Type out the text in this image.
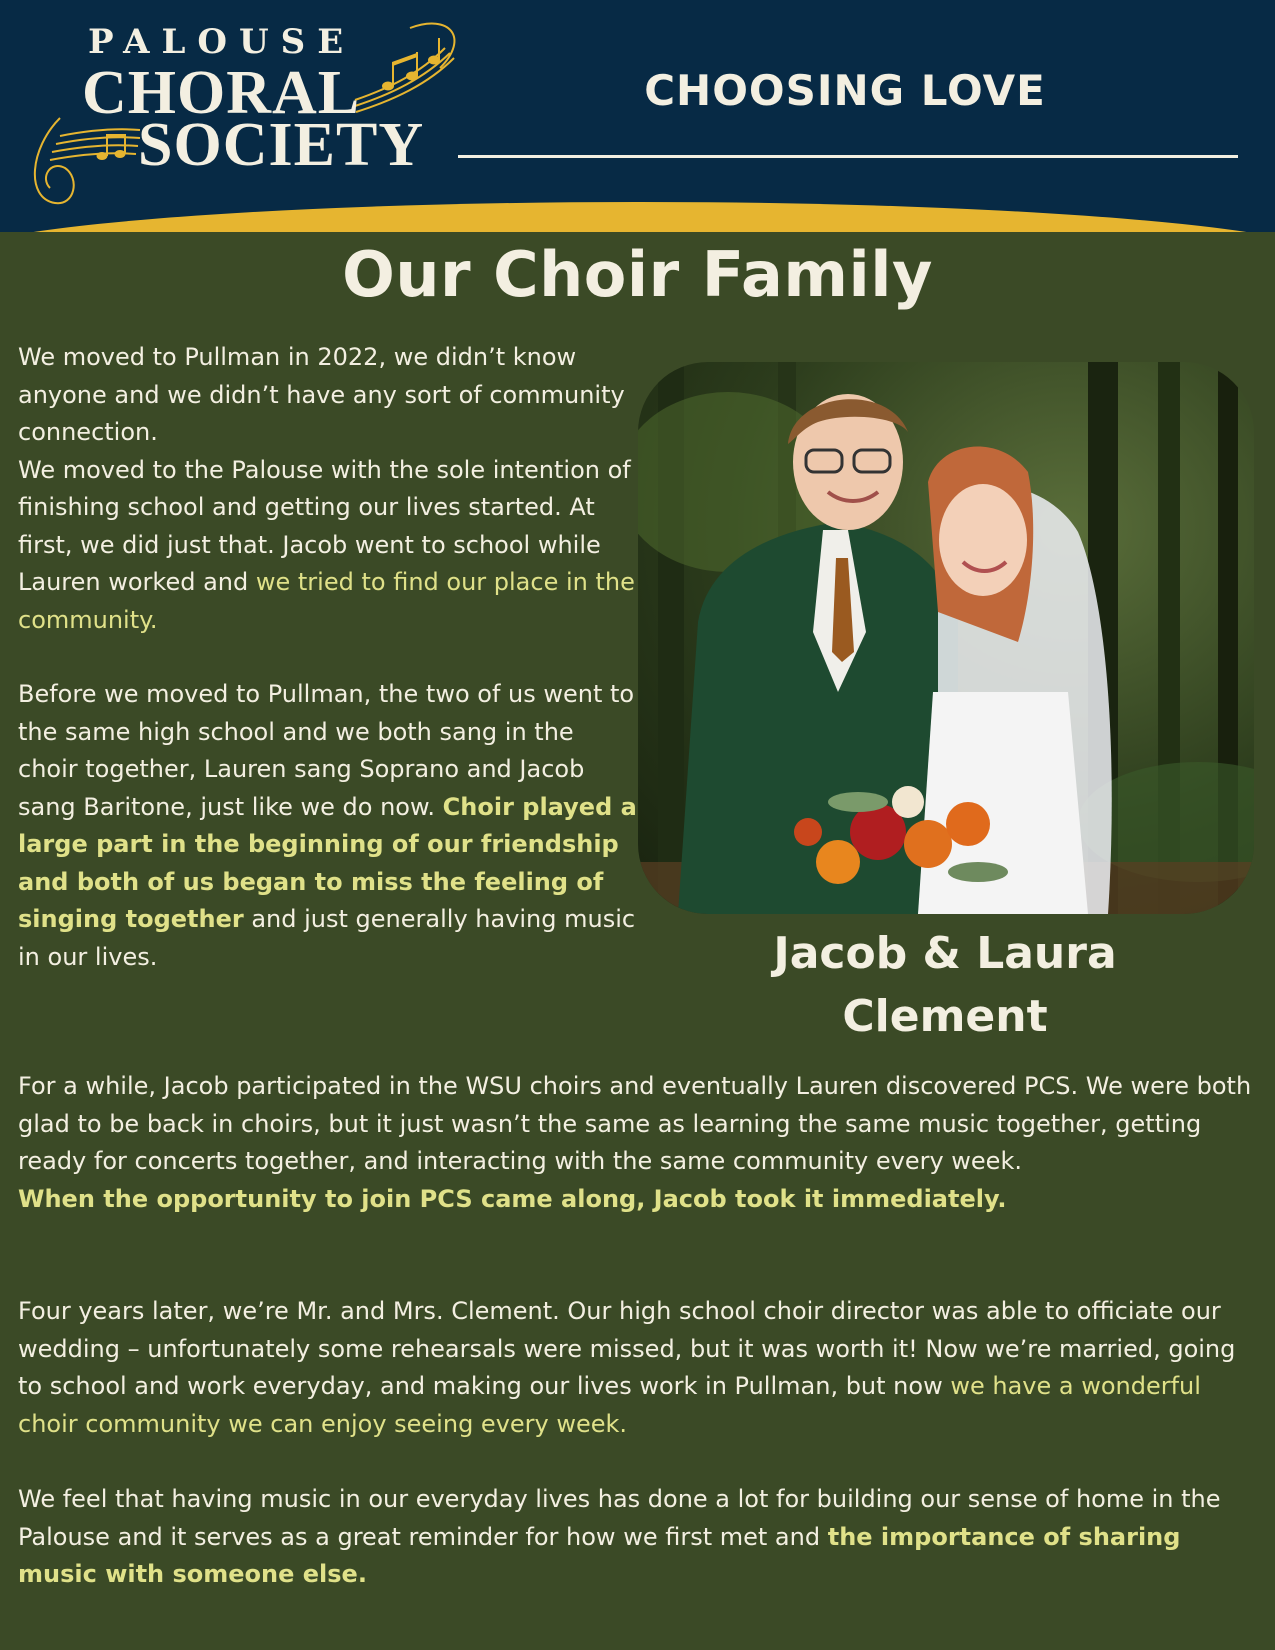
PALOUSE
CHORAL
SOCIETY
CHOOSING LOVE
Our Choir Family

We moved to Pullman in 2022, we didn’t know anyone and we didn’t have any sort of community connection.
We moved to the Palouse with the sole intention of finishing school and getting our lives started. At first, we did just that. Jacob went to school while Lauren worked and we tried to find our place in the community.

Before we moved to Pullman, the two of us went to the same high school and we both sang in the choir together, Lauren sang Soprano and Jacob sang Baritone, just like we do now. Choir played a large part in the beginning of our friendship and both of us began to miss the feeling of singing together and just generally having music in our lives.	Jacob & Laura
Clement

For a while, Jacob participated in the WSU choirs and eventually Lauren discovered PCS. We were both glad to be back in choirs, but it just wasn’t the same as learning the same music together, getting ready for concerts together, and interacting with the same community every week.
When the opportunity to join PCS came along, Jacob took it immediately.

Four years later, we’re Mr. and Mrs. Clement. Our high school choir director was able to officiate our wedding – unfortunately some rehearsals were missed, but it was worth it! Now we’re married, going to school and work everyday, and making our lives work in Pullman, but now we have a wonderful choir community we can enjoy seeing every week.

We feel that having music in our everyday lives has done a lot for building our sense of home in the Palouse and it serves as a great reminder for how we first met and the importance of sharing music with someone else.
